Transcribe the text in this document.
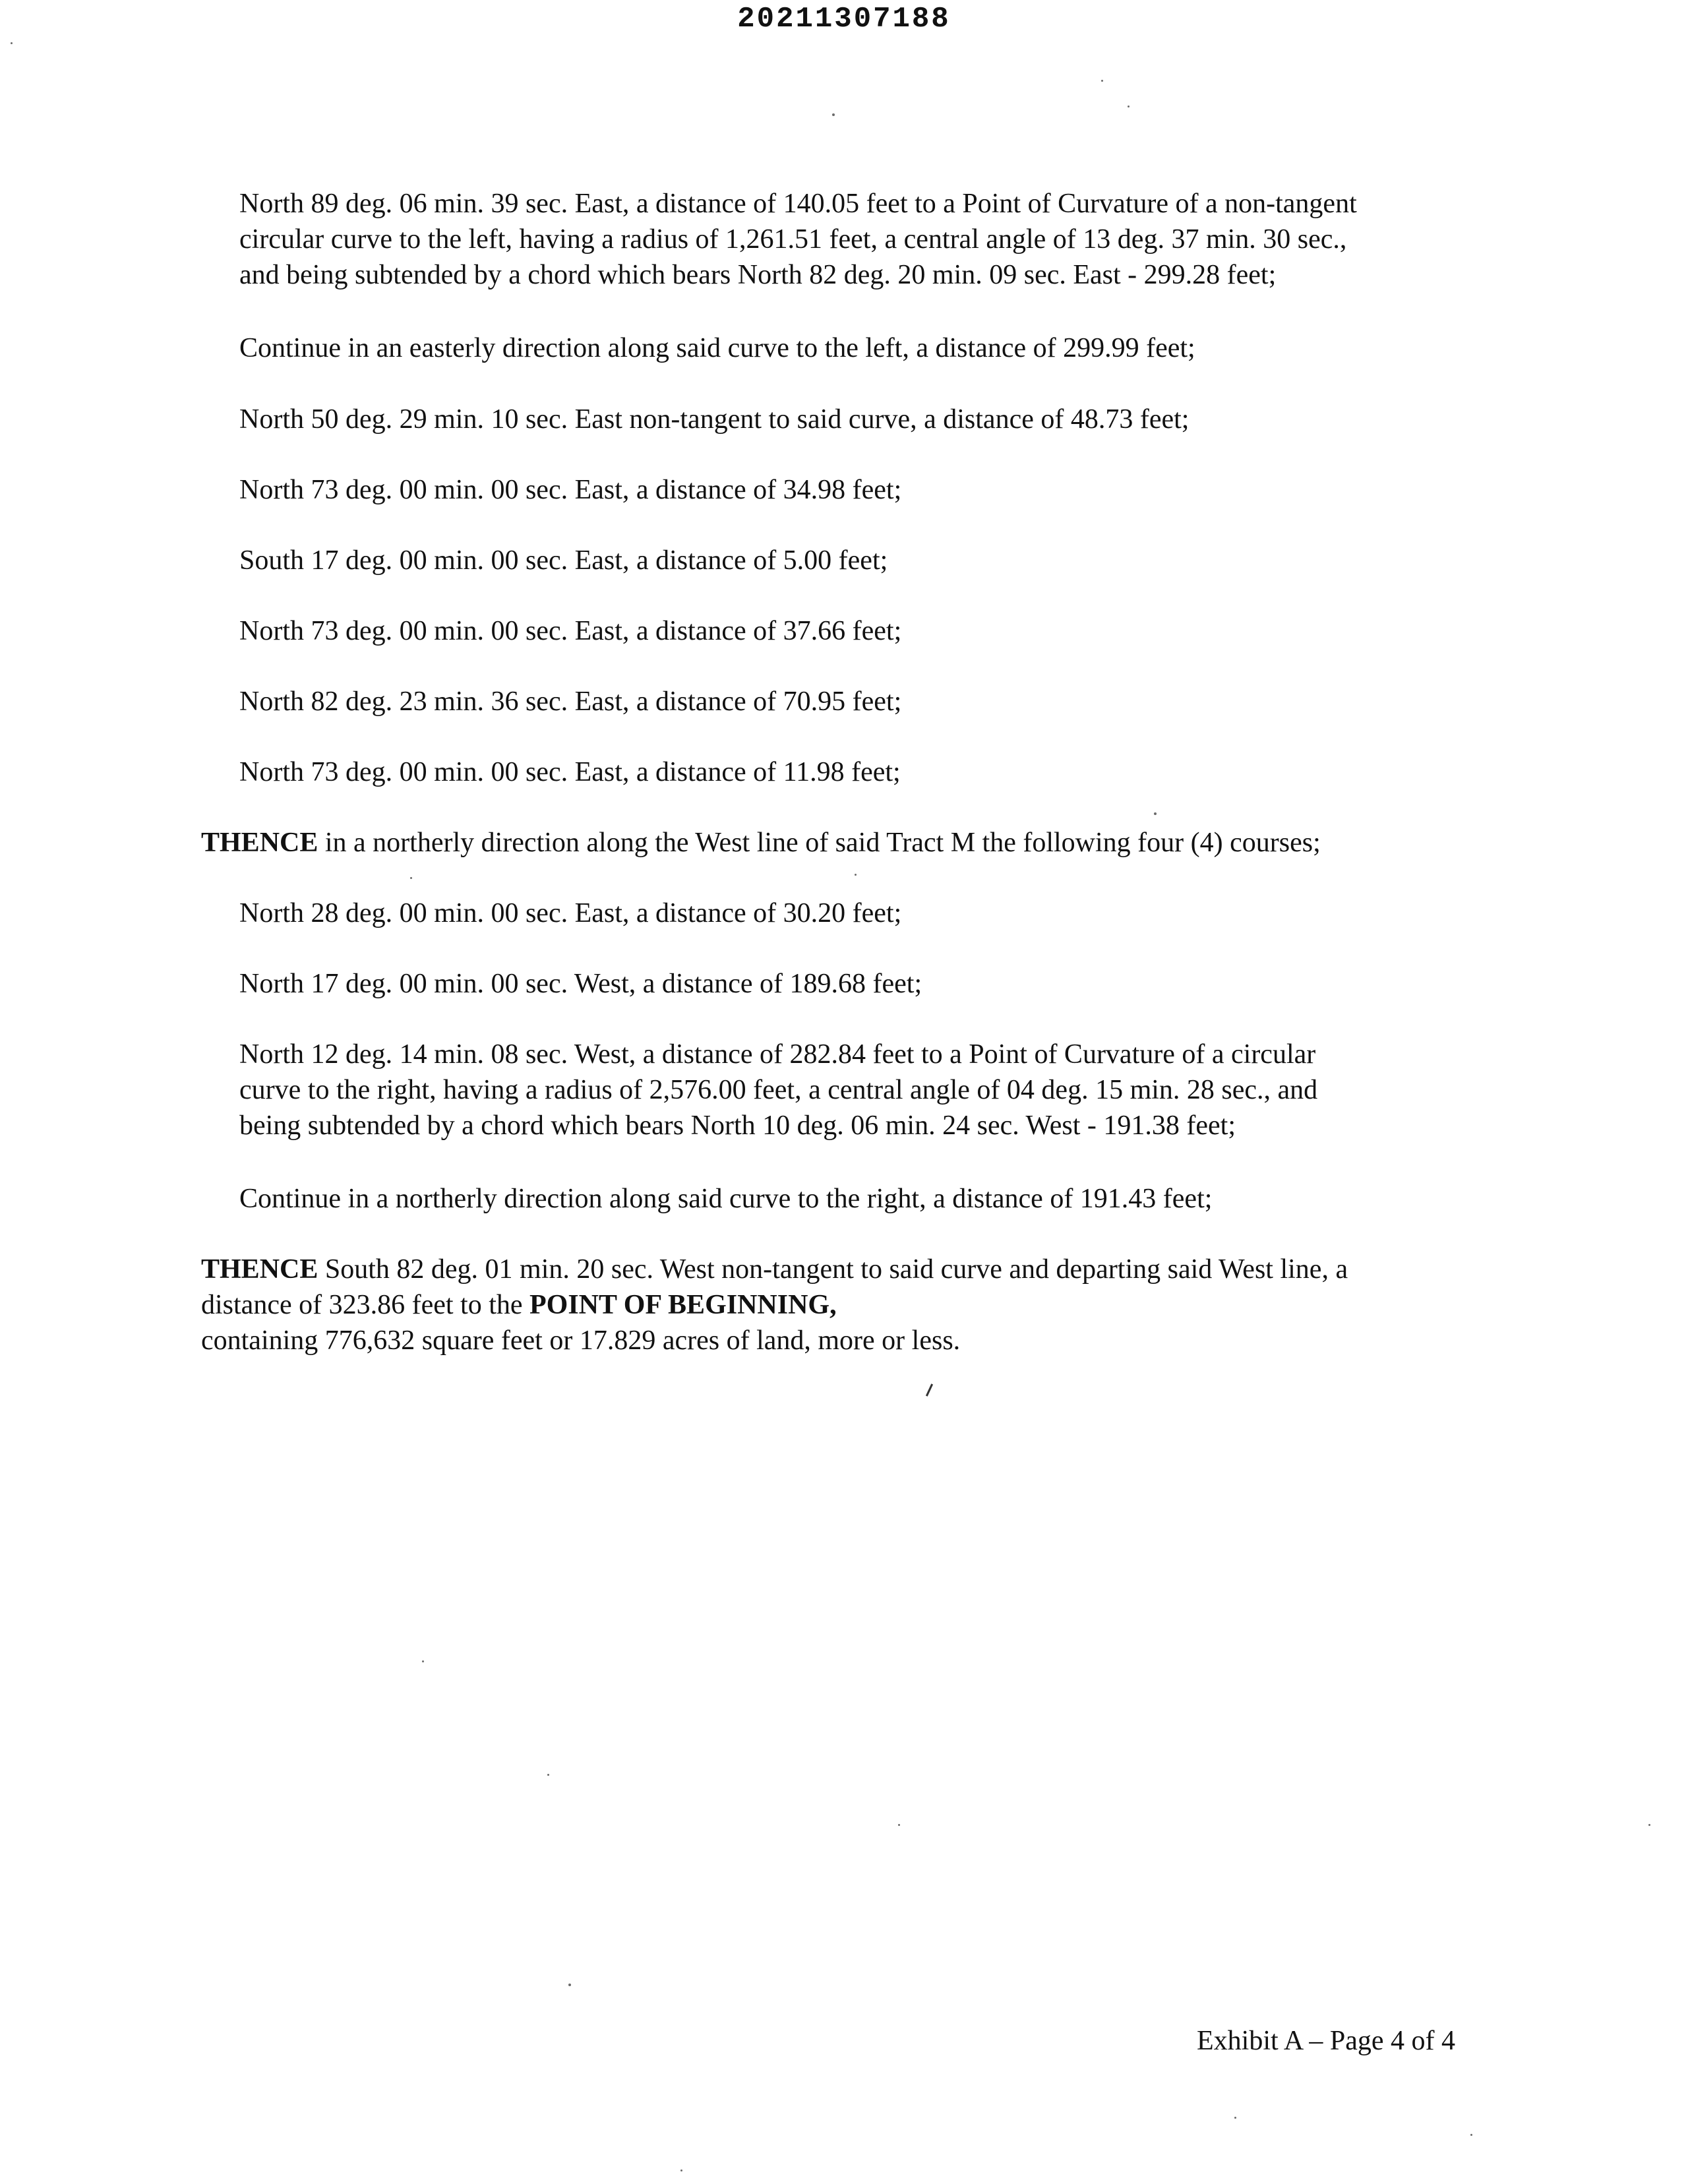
20211307188

North 89 deg. 06 min. 39 sec. East, a distance of 140.05 feet to a Point of Curvature of a non-tangent
circular curve to the left, having a radius of 1,261.51 feet, a central angle of 13 deg. 37 min. 30 sec.,
and being subtended by a chord which bears North 82 deg. 20 min. 09 sec. East - 299.28 feet;

Continue in an easterly direction along said curve to the left, a distance of 299.99 feet;

North 50 deg. 29 min. 10 sec. East non-tangent to said curve, a distance of 48.73 feet;

North 73 deg. 00 min. 00 sec. East, a distance of 34.98 feet;

South 17 deg. 00 min. 00 sec. East, a distance of 5.00 feet;

North 73 deg. 00 min. 00 sec. East, a distance of 37.66 feet;

North 82 deg. 23 min. 36 sec. East, a distance of 70.95 feet;

North 73 deg. 00 min. 00 sec. East, a distance of 11.98 feet;

THENCE in a northerly direction along the West line of said Tract M the following four (4) courses;

North 28 deg. 00 min. 00 sec. East, a distance of 30.20 feet;

North 17 deg. 00 min. 00 sec. West, a distance of 189.68 feet;

North 12 deg. 14 min. 08 sec. West, a distance of 282.84 feet to a Point of Curvature of a circular
curve to the right, having a radius of 2,576.00 feet, a central angle of 04 deg. 15 min. 28 sec., and
being subtended by a chord which bears North 10 deg. 06 min. 24 sec. West - 191.38 feet;

Continue in a northerly direction along said curve to the right, a distance of 191.43 feet;

THENCE South 82 deg. 01 min. 20 sec. West non-tangent to said curve and departing said West line, a
distance of 323.86 feet to the POINT OF BEGINNING,

containing 776,632 square feet or 17.829 acres of land, more or less.

Exhibit A – Page 4 of 4
